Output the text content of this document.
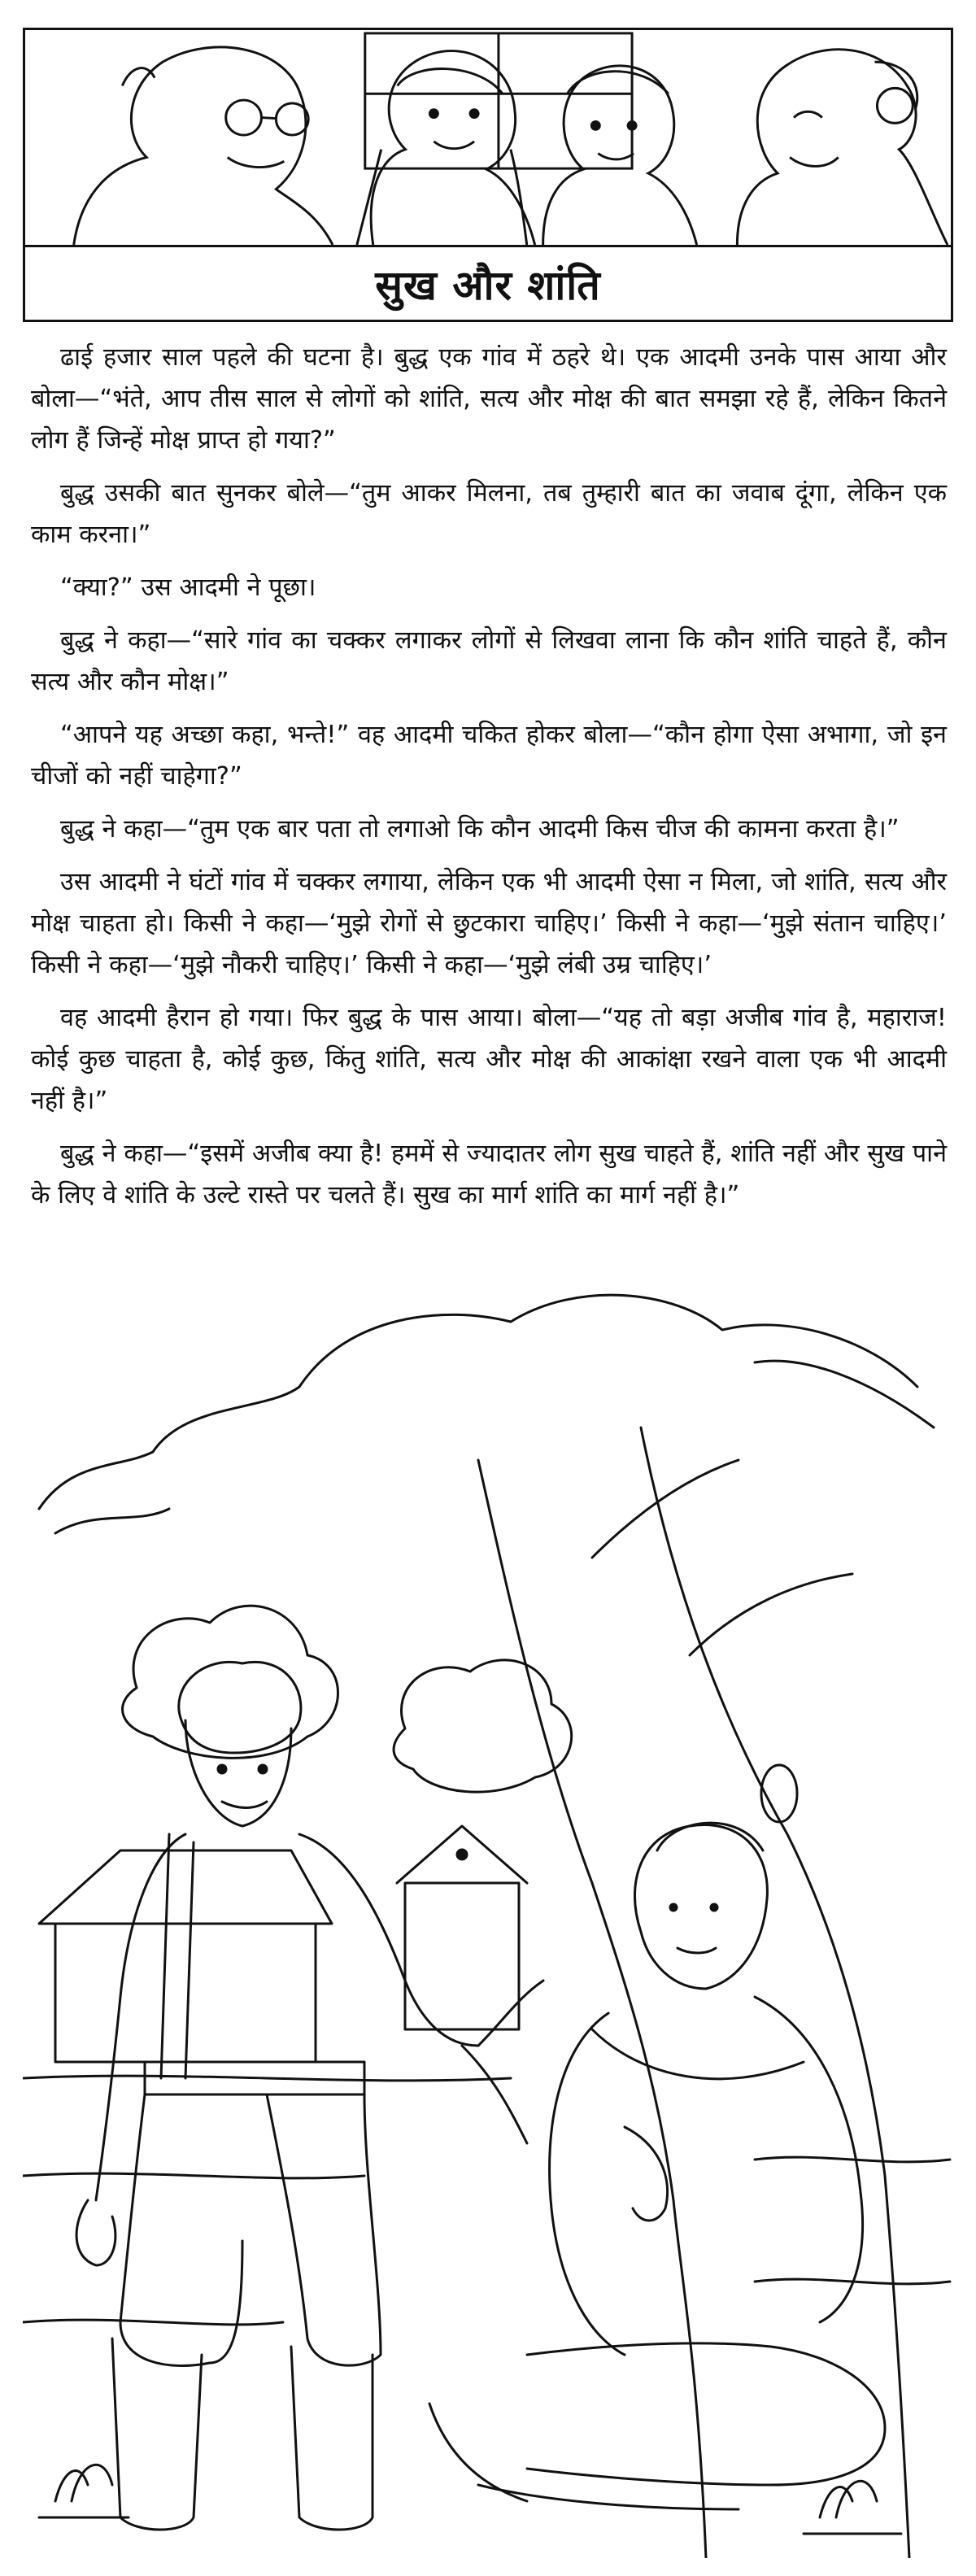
सुख और शांति

ढाई हजार साल पहले की घटना है। बुद्ध एक गांव में ठहरे थे। एक आदमी उनके पास आया और बोला—“भंते, आप तीस साल से लोगों को शांति, सत्य और मोक्ष की बात समझा रहे हैं, लेकिन कितने लोग हैं जिन्हें मोक्ष प्राप्त हो गया?”

बुद्ध उसकी बात सुनकर बोले—“तुम आकर मिलना, तब तुम्हारी बात का जवाब दूंगा, लेकिन एक काम करना।”

“क्या?” उस आदमी ने पूछा।

बुद्ध ने कहा—“सारे गांव का चक्कर लगाकर लोगों से लिखवा लाना कि कौन शांति चाहते हैं, कौन सत्य और कौन मोक्ष।”

“आपने यह अच्छा कहा, भन्ते!” वह आदमी चकित होकर बोला—“कौन होगा ऐसा अभागा, जो इन चीजों को नहीं चाहेगा?”

बुद्ध ने कहा—“तुम एक बार पता तो लगाओ कि कौन आदमी किस चीज की कामना करता है।”

उस आदमी ने घंटों गांव में चक्कर लगाया, लेकिन एक भी आदमी ऐसा न मिला, जो शांति, सत्य और मोक्ष चाहता हो। किसी ने कहा—‘मुझे रोगों से छुटकारा चाहिए।’ किसी ने कहा—‘मुझे संतान चाहिए।’ किसी ने कहा—‘मुझे नौकरी चाहिए।’ किसी ने कहा—‘मुझे लंबी उम्र चाहिए।’

वह आदमी हैरान हो गया। फिर बुद्ध के पास आया। बोला—“यह तो बड़ा अजीब गांव है, महाराज! कोई कुछ चाहता है, कोई कुछ, किंतु शांति, सत्य और मोक्ष की आकांक्षा रखने वाला एक भी आदमी नहीं है।”

बुद्ध ने कहा—“इसमें अजीब क्या है! हममें से ज्यादातर लोग सुख चाहते हैं, शांति नहीं और सुख पाने के लिए वे शांति के उल्टे रास्ते पर चलते हैं। सुख का मार्ग शांति का मार्ग नहीं है।”
